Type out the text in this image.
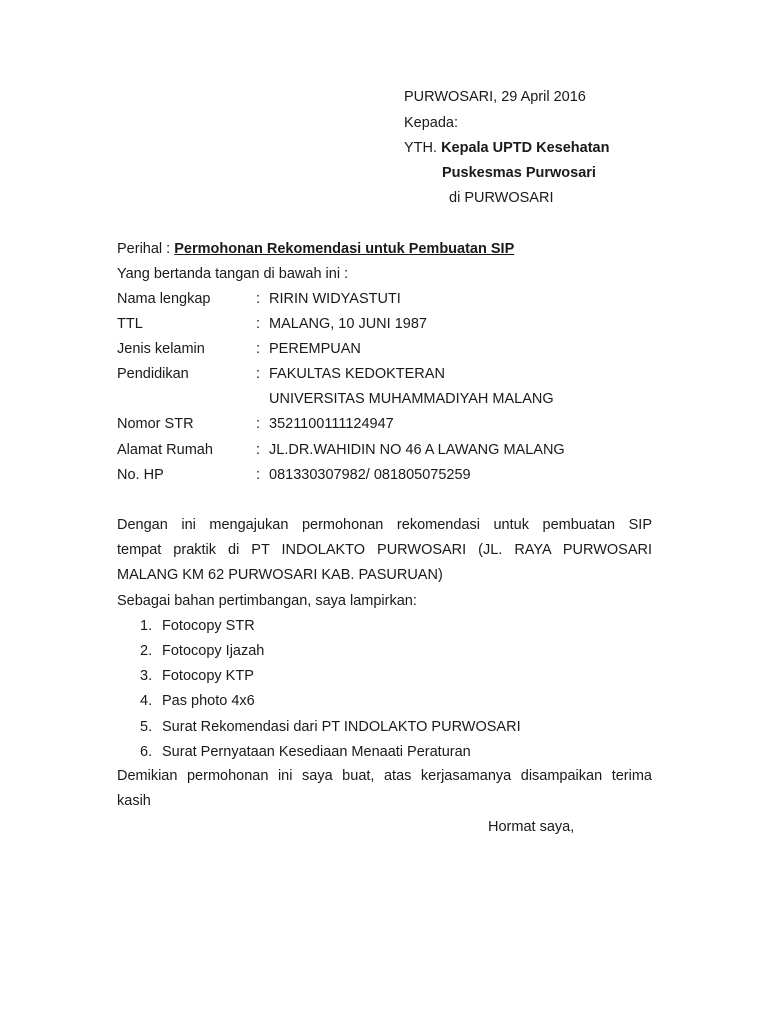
PURWOSARI, 29 April 2016
Kepada:
YTH. Kepala UPTD Kesehatan
Puskesmas Purwosari
di PURWOSARI
Perihal : Permohonan Rekomendasi untuk Pembuatan SIP
Yang bertanda tangan di bawah ini :
Nama lengkap	: RIRIN WIDYASTUTI
TTL	: MALANG, 10 JUNI 1987
Jenis kelamin	: PEREMPUAN
Pendidikan	: FAKULTAS KEDOKTERAN
UNIVERSITAS MUHAMMADIYAH MALANG
Nomor STR	: 3521100111124947
Alamat Rumah	: JL.DR.WAHIDIN NO 46 A LAWANG MALANG
No. HP	: 081330307982/ 081805075259
Dengan ini mengajukan permohonan rekomendasi untuk pembuatan SIP
tempat praktik di PT INDOLAKTO PURWOSARI (JL. RAYA PURWOSARI
MALANG KM 62 PURWOSARI KAB. PASURUAN)
Sebagai bahan pertimbangan, saya lampirkan:
1. Fotocopy STR
2. Fotocopy Ijazah
3. Fotocopy KTP
4. Pas photo 4x6
5. Surat Rekomendasi dari PT INDOLAKTO PURWOSARI
6. Surat Pernyataan Kesediaan Menaati Peraturan
Demikian permohonan ini saya buat, atas kerjasamanya disampaikan terima
kasih
Hormat saya,
